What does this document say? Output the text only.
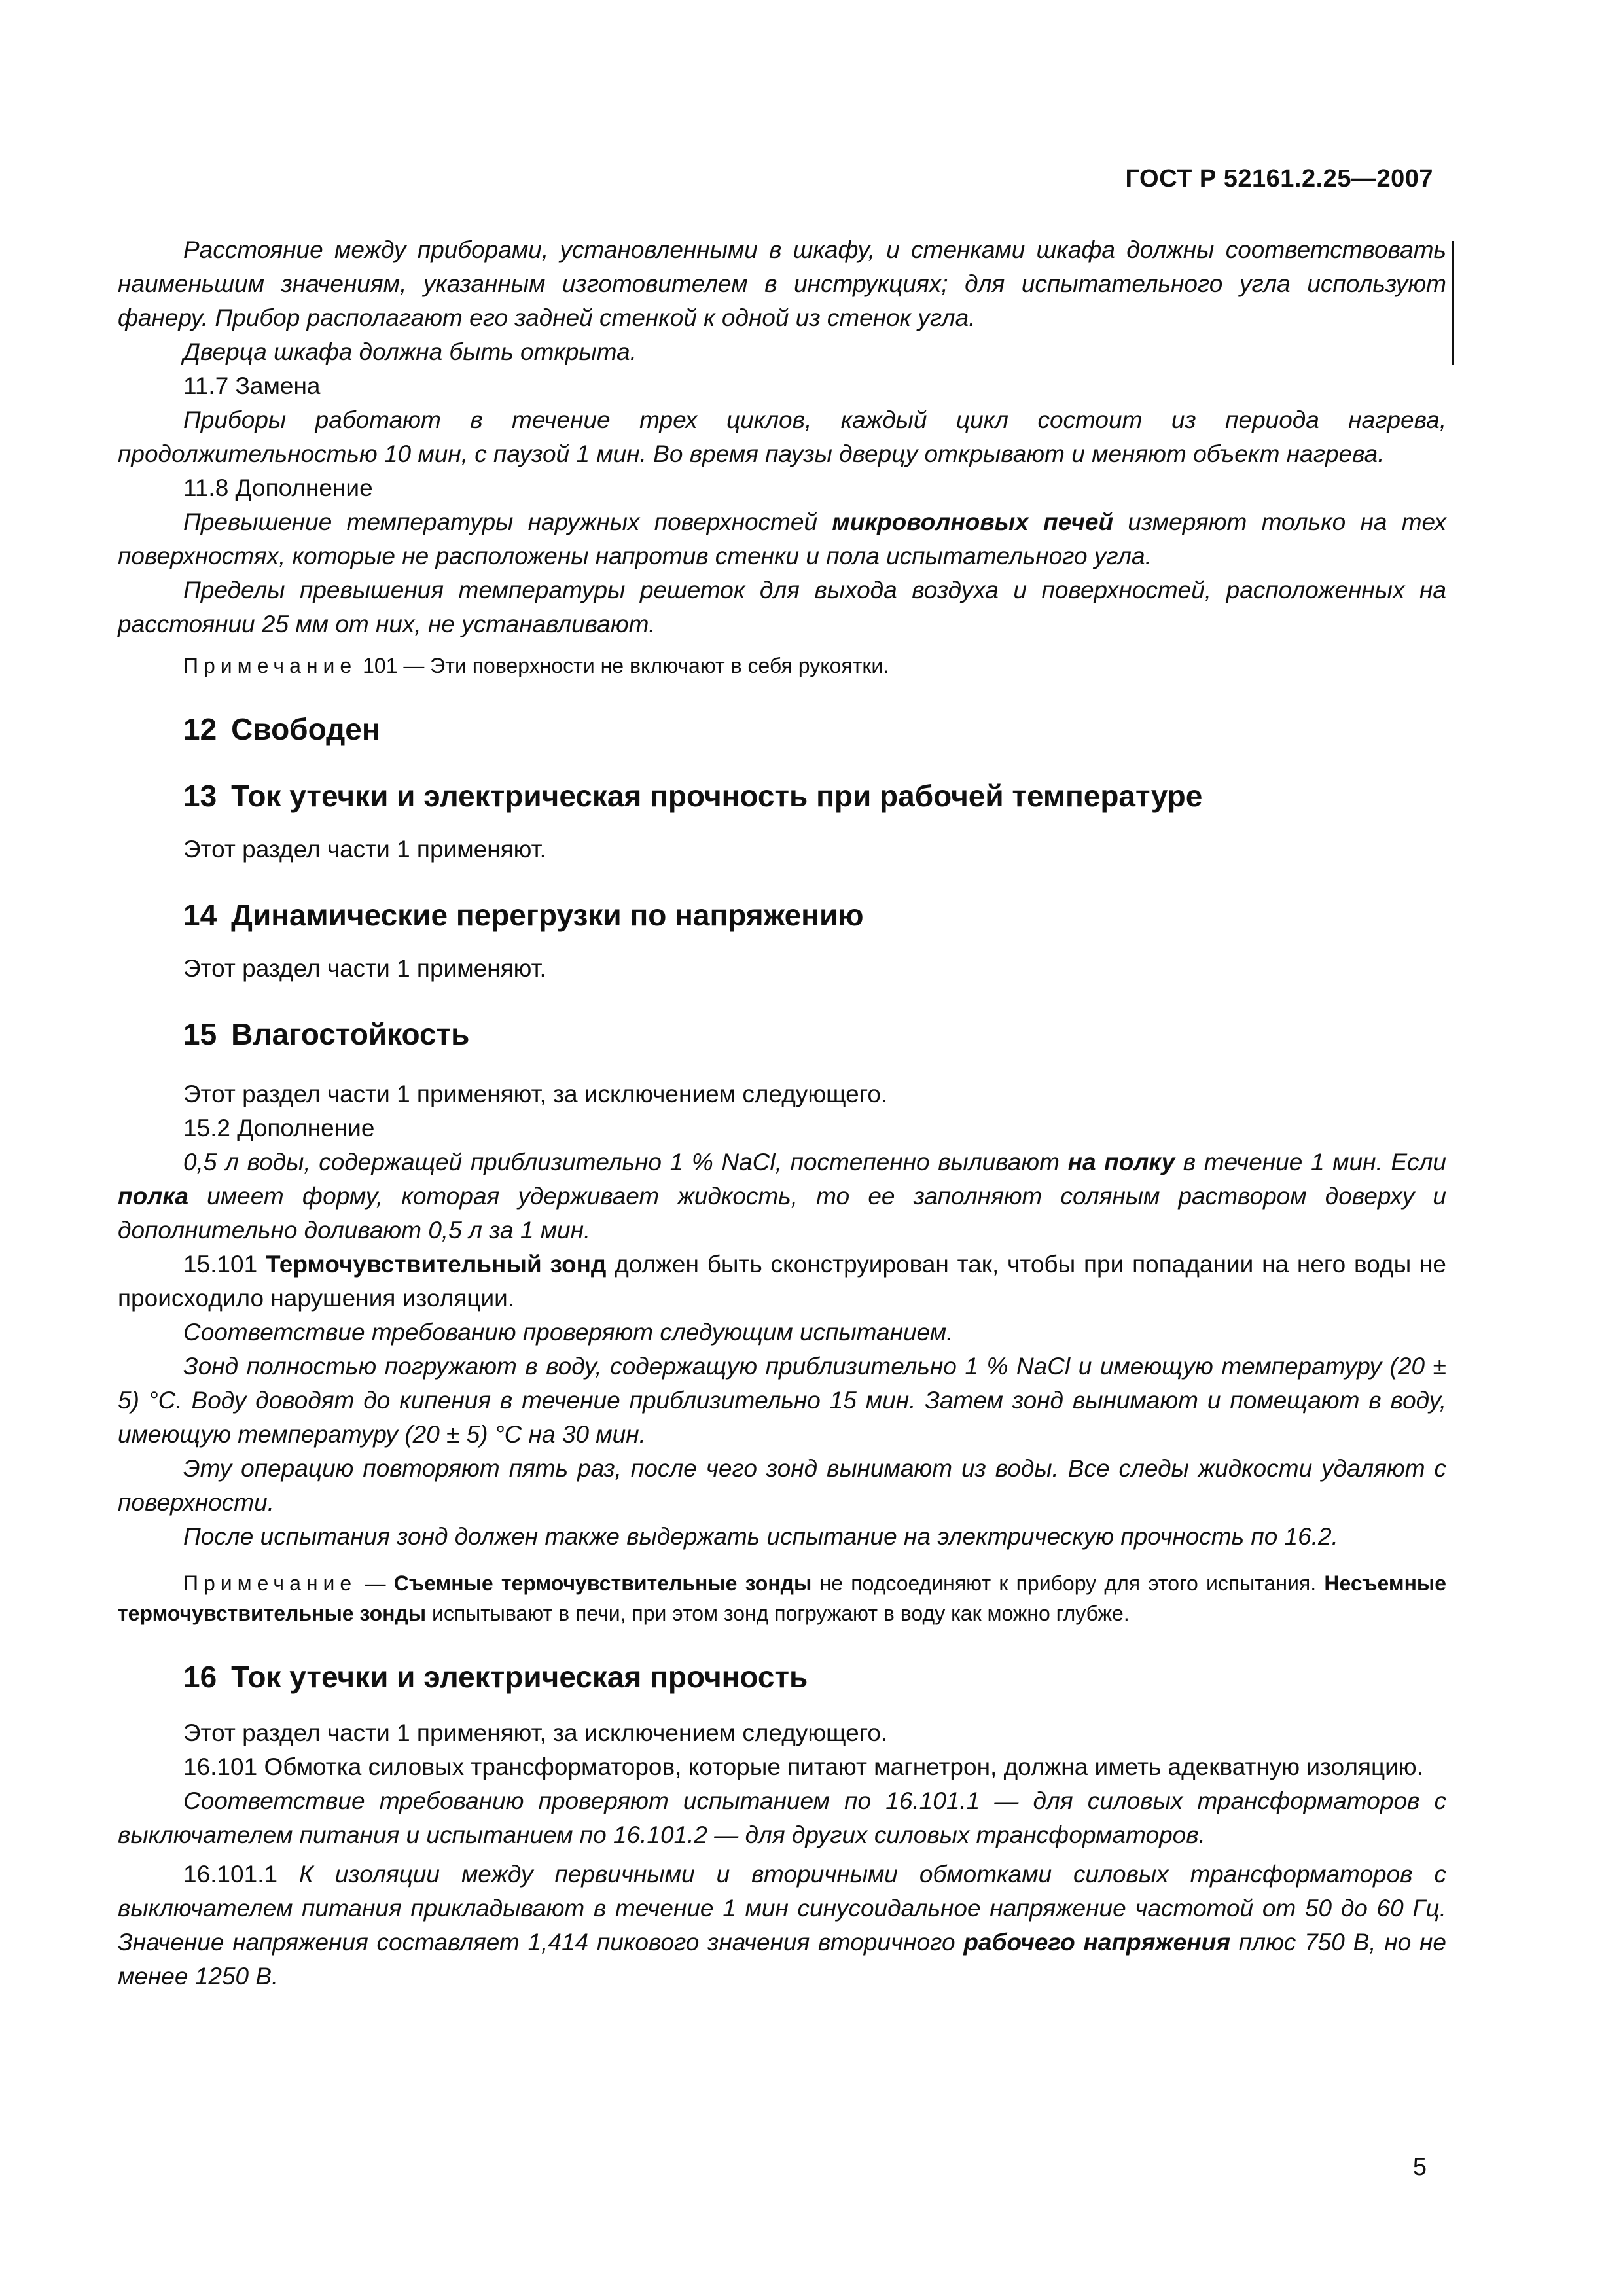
ГОСТ Р 52161.2.25—2007

Расстояние между приборами, установленными в шкафу, и стенками шкафа должны соответствовать наименьшим значениям, указанным изготовителем в инструкциях; для испытательного угла используют фанеру. Прибор располагают его задней стенкой к одной из стенок угла.

Дверца шкафа должна быть открыта.

11.7 Замена

Приборы работают в течение трех циклов, каждый цикл состоит из периода нагрева, продолжительностью 10 мин, с паузой 1 мин. Во время паузы дверцу открывают и меняют объект нагрева.

11.8 Дополнение

Превышение температуры наружных поверхностей микроволновых печей измеряют только на тех поверхностях, которые не расположены напротив стенки и пола испытательного угла.

Пределы превышения температуры решеток для выхода воздуха и поверхностей, расположенных на расстоянии 25 мм от них, не устанавливают.

Примечание 101 — Эти поверхности не включают в себя рукоятки.

12 Свободен
13 Ток утечки и электрическая прочность при рабочей температуре

Этот раздел части 1 применяют.

14 Динамические перегрузки по напряжению

Этот раздел части 1 применяют.

15 Влагостойкость

Этот раздел части 1 применяют, за исключением следующего.

15.2 Дополнение

0,5 л воды, содержащей приблизительно 1 % NaCl, постепенно выливают на полку в течение 1 мин. Если полка имеет форму, которая удерживает жидкость, то ее заполняют соляным раствором доверху и дополнительно доливают 0,5 л за 1 мин.

15.101 Термочувствительный зонд должен быть сконструирован так, чтобы при попадании на него воды не происходило нарушения изоляции.

Соответствие требованию проверяют следующим испытанием.

Зонд полностью погружают в воду, содержащую приблизительно 1 % NaCl и имеющую температуру (20 ± 5) °С. Воду доводят до кипения в течение приблизительно 15 мин. Затем зонд вынимают и помещают в воду, имеющую температуру (20 ± 5) °С на 30 мин.

Эту операцию повторяют пять раз, после чего зонд вынимают из воды. Все следы жидкости удаляют с поверхности.

После испытания зонд должен также выдержать испытание на электрическую прочность по 16.2.

Примечание — Съемные термочувствительные зонды не подсоединяют к прибору для этого испытания. Несъемные термочувствительные зонды испытывают в печи, при этом зонд погружают в воду как можно глубже.

16 Ток утечки и электрическая прочность

Этот раздел части 1 применяют, за исключением следующего.

16.101 Обмотка силовых трансформаторов, которые питают магнетрон, должна иметь адекватную изоляцию.

Соответствие требованию проверяют испытанием по 16.101.1 — для силовых трансформаторов с выключателем питания и испытанием по 16.101.2 — для других силовых трансформаторов.

16.101.1 К изоляции между первичными и вторичными обмотками силовых трансформаторов с выключателем питания прикладывают в течение 1 мин синусоидальное напряжение частотой от 50 до 60 Гц. Значение напряжения составляет 1,414 пикового значения вторичного рабочего напряжения плюс 750 В, но не менее 1250 В.

5
